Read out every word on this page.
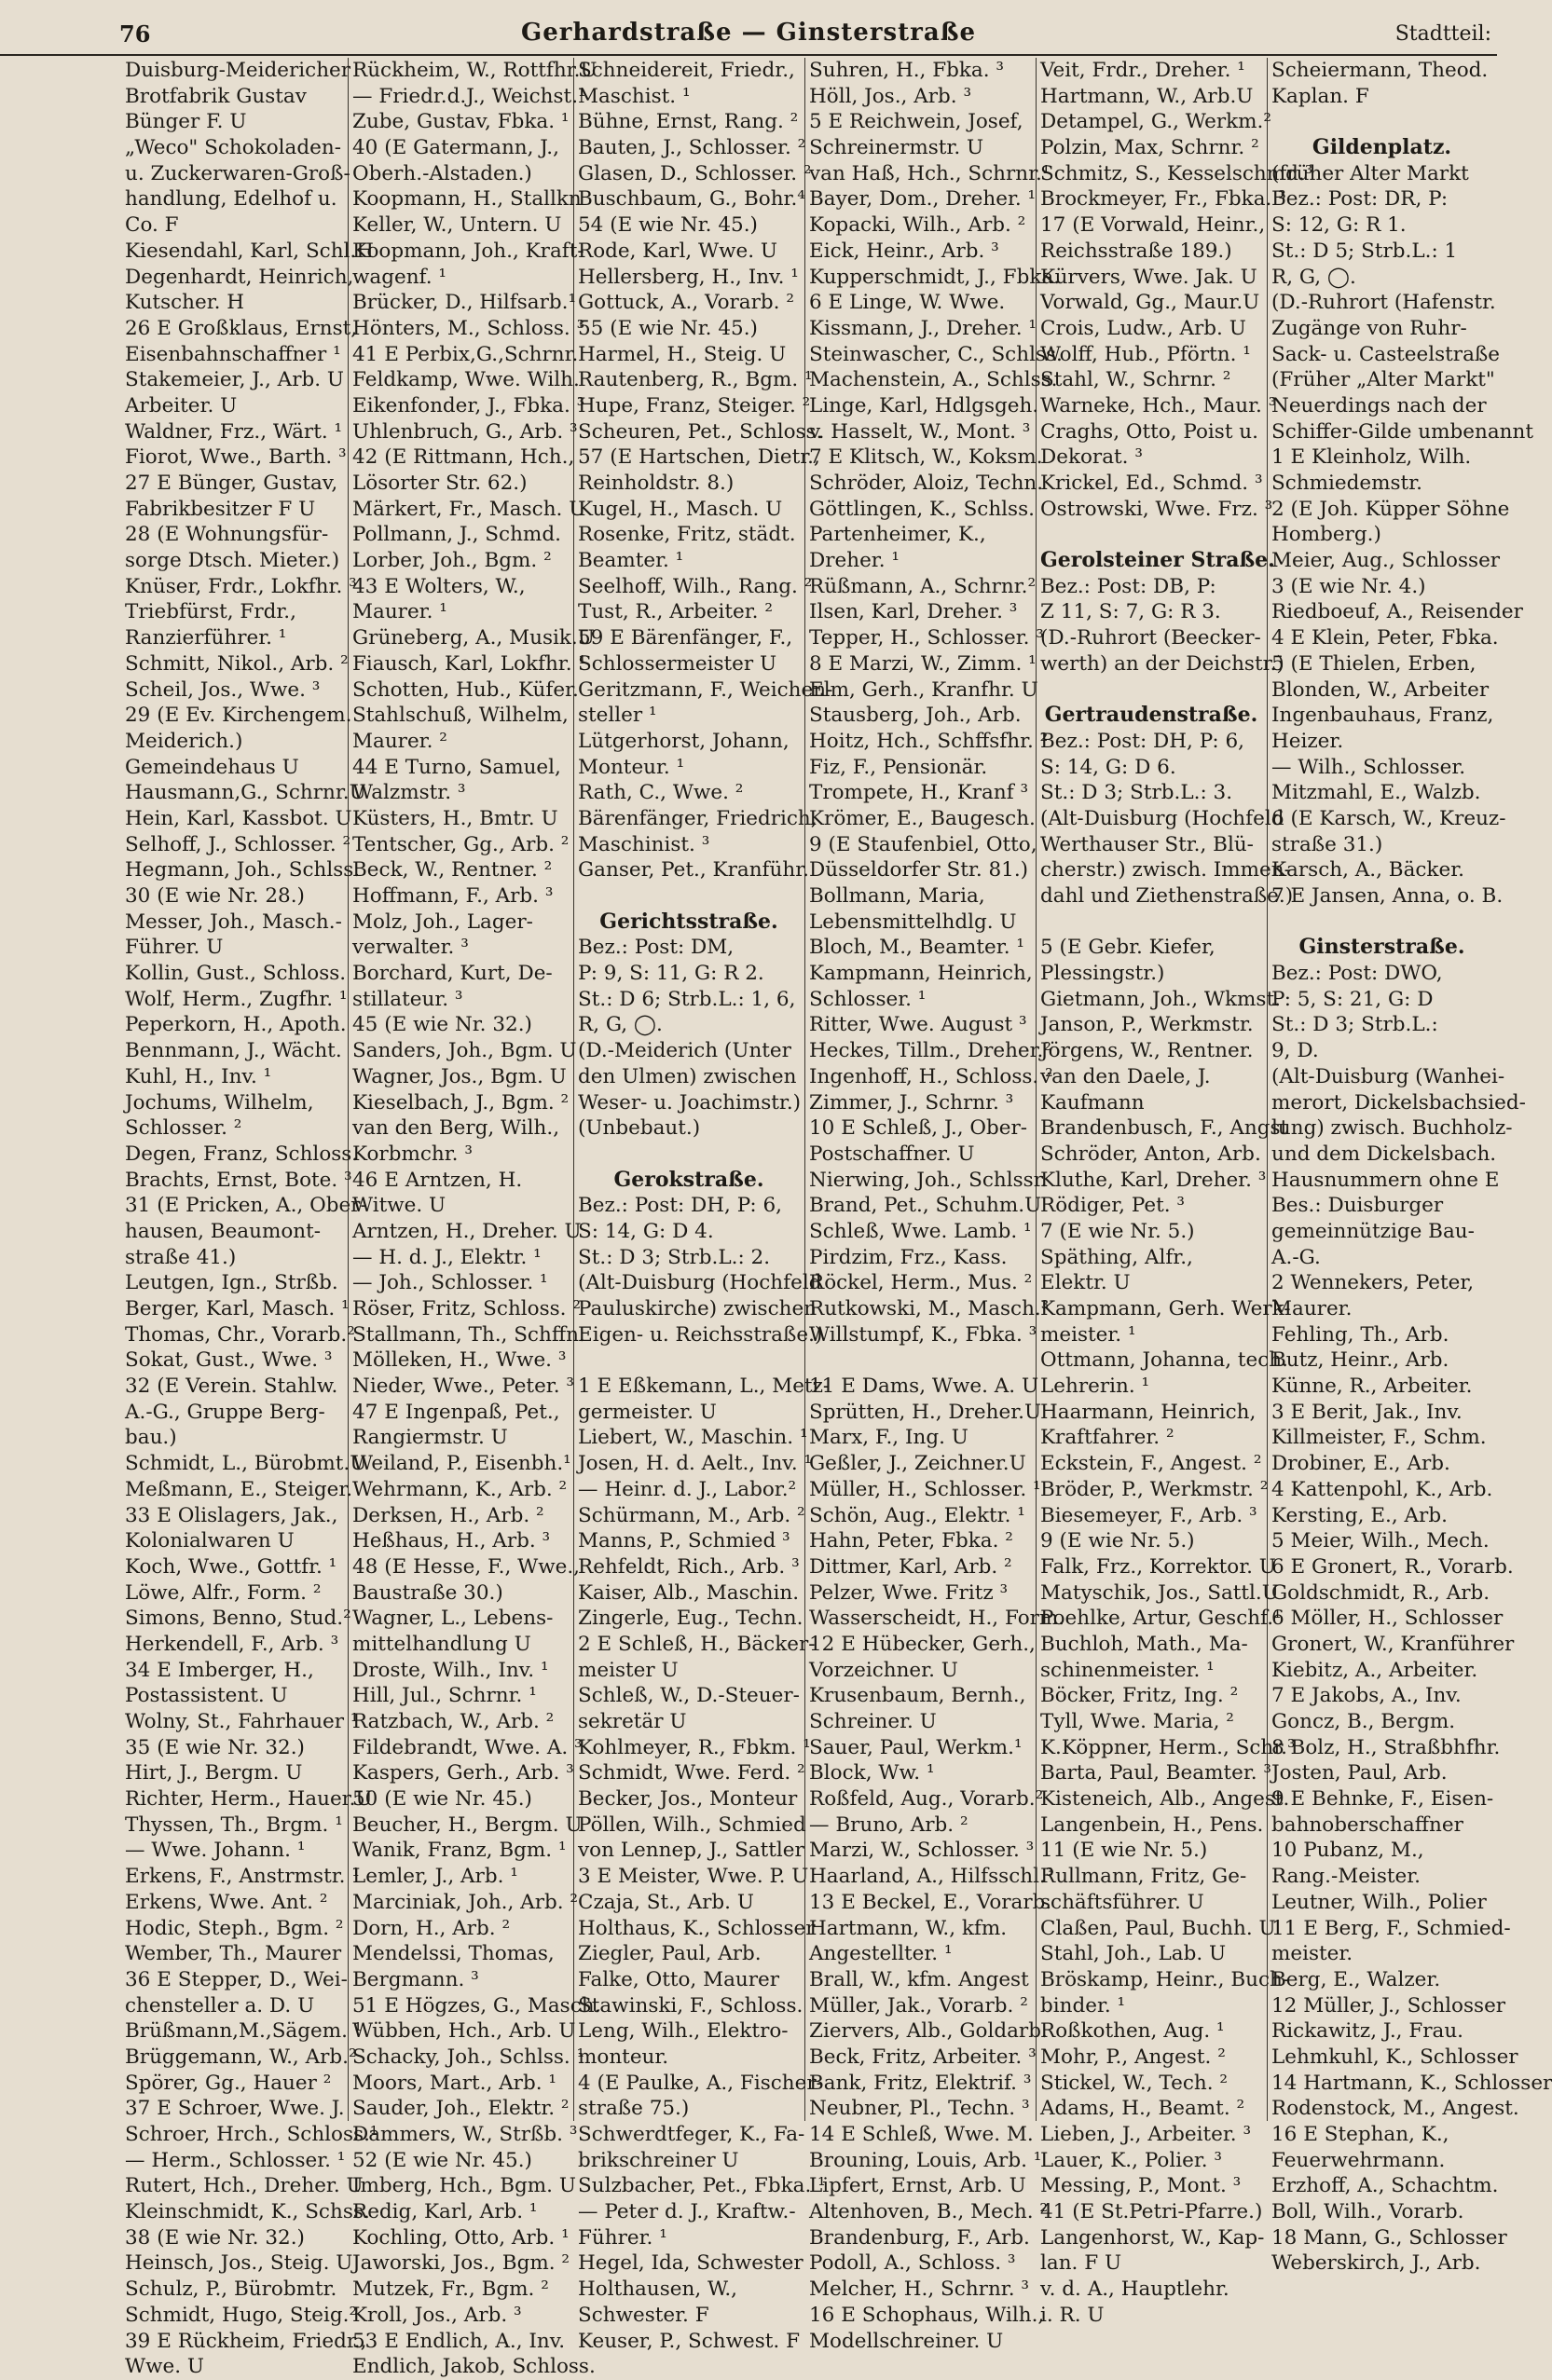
76	Gerhardstraße — Ginsterstraße	Stadtteil:
Duisburg-Meidericher
Brotfabrik Gustav
Bünger F. U
„Weco" Schokoladen-
u. Zuckerwaren-Groß-
handlung, Edelhof u.
Co. F
Kiesendahl, Karl, Schl.H
Degenhardt, Heinrich,
Kutscher. H
26 E Großklaus, Ernst,
Eisenbahnschaffner ¹
Stakemeier, J., Arb. U
Arbeiter. U
Waldner, Frz., Wärt. ¹
Fiorot, Wwe., Barth. ³
27 E Bünger, Gustav,
Fabrikbesitzer F U
28 (E Wohnungsfür-
sorge Dtsch. Mieter.)
Knüser, Frdr., Lokfhr. ³
Triebfürst, Frdr.,
Ranzierführer. ¹
Schmitt, Nikol., Arb. ²
Scheil, Jos., Wwe. ³
29 (E Ev. Kirchengem.
Meiderich.)
Gemeindehaus U
Hausmann,G., Schrnr.U
Hein, Karl, Kassbot. U
Selhoff, J., Schlosser. ²
Hegmann, Joh., Schlss.
30 (E wie Nr. 28.)
Messer, Joh., Masch.-
Führer. U
Kollin, Gust., Schloss.
Wolf, Herm., Zugfhr. ¹
Peperkorn, H., Apoth.
Bennmann, J., Wächt.
Kuhl, H., Inv. ¹
Jochums, Wilhelm,
Schlosser. ²
Degen, Franz, Schloss.
Brachts, Ernst, Bote. ³
31 (E Pricken, A., Ober-
hausen, Beaumont-
straße 41.)
Leutgen, Ign., Strßb.
Berger, Karl, Masch. ¹
Thomas, Chr., Vorarb.²
Sokat, Gust., Wwe. ³
32 (E Verein. Stahlw.
A.-G., Gruppe Berg-
bau.)
Schmidt, L., Bürobmt.U
Meßmann, E., Steiger.
33 E Olislagers, Jak.,
Kolonialwaren U
Koch, Wwe., Gottfr. ¹
Löwe, Alfr., Form. ²
Simons, Benno, Stud.²
Herkendell, F., Arb. ³
34 E Imberger, H.,
Postassistent. U
Wolny, St., Fahrhauer ¹
35 (E wie Nr. 32.)
Hirt, J., Bergm. U
Richter, Herm., Hauer.U
Thyssen, Th., Brgm. ¹
— Wwe. Johann. ¹
Erkens, F., Anstrmstr. ¹
Erkens, Wwe. Ant. ²
Hodic, Steph., Bgm. ²
Wember, Th., Maurer
36 E Stepper, D., Wei-
chensteller a. D. U
Brüßmann,M.,Sägem. ¹
Brüggemann, W., Arb.²
Spörer, Gg., Hauer ²
37 E Schroer, Wwe. J.
Schroer, Hrch., Schloss.¹
— Herm., Schlosser. ¹
Rutert, Hch., Dreher. U
Kleinschmidt, K., Schss.
38 (E wie Nr. 32.)
Heinsch, Jos., Steig. U
Schulz, P., Bürobmtr.
Schmidt, Hugo, Steig.²
39 E Rückheim, Friedr.,
Wwe. U
Rückheim, W., Rottfhr.U
— Friedr.d.J., Weichst.¹
Zube, Gustav, Fbka. ¹
40 (E Gatermann, J.,
Oberh.-Alstaden.)
Koopmann, H., Stallkn
Keller, W., Untern. U
Koopmann, Joh., Kraft-
wagenf. ¹
Brücker, D., Hilfsarb.¹
Hönters, M., Schloss. ³
41 E Perbix,G.,Schrnr.
Feldkamp, Wwe. Wilh.
Eikenfonder, J., Fbka. ³
Uhlenbruch, G., Arb. ³
42 (E Rittmann, Hch.,
Lösorter Str. 62.)
Märkert, Fr., Masch. U
Pollmann, J., Schmd.
Lorber, Joh., Bgm. ²
43 E Wolters, W.,
Maurer. ¹
Grüneberg, A., Musik.U
Fiausch, Karl, Lokfhr. ¹
Schotten, Hub., Küfer.
Stahlschuß, Wilhelm,
Maurer. ²
44 E Turno, Samuel,
Walzmstr. ³
Küsters, H., Bmtr. U
Tentscher, Gg., Arb. ²
Beck, W., Rentner. ²
Hoffmann, F., Arb. ³
Molz, Joh., Lager-
verwalter. ³
Borchard, Kurt, De-
stillateur. ³
45 (E wie Nr. 32.)
Sanders, Joh., Bgm. U
Wagner, Jos., Bgm. U
Kieselbach, J., Bgm. ²
van den Berg, Wilh.,
Korbmchr. ³
46 E Arntzen, H.
Witwe. U
Arntzen, H., Dreher. U
— H. d. J., Elektr. ¹
— Joh., Schlosser. ¹
Röser, Fritz, Schloss. ²
Stallmann, Th., Schffn.
Mölleken, H., Wwe. ³
Nieder, Wwe., Peter. ³
47 E Ingenpaß, Pet.,
Rangiermstr. U
Weiland, P., Eisenbh.¹
Wehrmann, K., Arb. ²
Derksen, H., Arb. ²
Heßhaus, H., Arb. ³
48 (E Hesse, F., Wwe.,
Baustraße 30.)
Wagner, L., Lebens-
mittelhandlung U
Droste, Wilh., Inv. ¹
Hill, Jul., Schrnr. ¹
Ratzbach, W., Arb. ²
Fildebrandt, Wwe. A. ³
Kaspers, Gerh., Arb. ³
50 (E wie Nr. 45.)
Beucher, H., Bergm. U
Wanik, Franz, Bgm. ¹
Lemler, J., Arb. ¹
Marciniak, Joh., Arb. ²
Dorn, H., Arb. ²
Mendelssi, Thomas,
Bergmann. ³
51 E Högzes, G., Masch.
Wübben, Hch., Arb. U
Schacky, Joh., Schlss. ¹
Moors, Mart., Arb. ¹
Sauder, Joh., Elektr. ²
Dammers, W., Strßb. ³
52 (E wie Nr. 45.)
Imberg, Hch., Bgm. U
Redig, Karl, Arb. ¹
Kochling, Otto, Arb. ¹
Jaworski, Jos., Bgm. ²
Mutzek, Fr., Bgm. ²
Kroll, Jos., Arb. ³
53 E Endlich, A., Inv.
Endlich, Jakob, Schloss.
Schneidereit, Friedr.,
Maschist. ¹
Bühne, Ernst, Rang. ²
Bauten, J., Schlosser. ²
Glasen, D., Schlosser. ²
Buschbaum, G., Bohr.⁴
54 (E wie Nr. 45.)
Rode, Karl, Wwe. U
Hellersberg, H., Inv. ¹
Gottuck, A., Vorarb. ²
55 (E wie Nr. 45.)
Harmel, H., Steig. U
Rautenberg, R., Bgm. ¹
Hupe, Franz, Steiger. ²
Scheuren, Pet., Schloss.
57 (E Hartschen, Dietr.,
Reinholdstr. 8.)
Kugel, H., Masch. U
Rosenke, Fritz, städt.
Beamter. ¹
Seelhoff, Wilh., Rang. ²
Tust, R., Arbeiter. ²
59 E Bärenfänger, F.,
Schlossermeister U
Geritzmann, F., Weichen-
steller ¹
Lütgerhorst, Johann,
Monteur. ¹
Rath, C., Wwe. ²
Bärenfänger, Friedrich,
Maschinist. ³
Ganser, Pet., Kranführ.
Gerichtsstraße.
Bez.: Post: DM,
P: 9, S: 11, G: R 2.
St.: D 6; Strb.L.: 1, 6,
R, G, ◯.
(D.-Meiderich (Unter
den Ulmen) zwischen
Weser- u. Joachimstr.)
(Unbebaut.)
Gerokstraße.
Bez.: Post: DH, P: 6,
S: 14, G: D 4.
St.: D 3; Strb.L.: 2.
(Alt-Duisburg (Hochfeld
Pauluskirche) zwischen
Eigen- u. Reichsstraße.)
1 E Eßkemann, L., Metz-
germeister. U
Liebert, W., Maschin. ¹
Josen, H. d. Aelt., Inv. ¹
— Heinr. d. J., Labor.²
Schürmann, M., Arb. ²
Manns, P., Schmied ³
Rehfeldt, Rich., Arb. ³
Kaiser, Alb., Maschin.
Zingerle, Eug., Techn.
2 E Schleß, H., Bäcker-
meister U
Schleß, W., D.-Steuer-
sekretär U
Kohlmeyer, R., Fbkm. ¹
Schmidt, Wwe. Ferd. ²
Becker, Jos., Monteur
Pöllen, Wilh., Schmied
von Lennep, J., Sattler
3 E Meister, Wwe. P. U
Czaja, St., Arb. U
Holthaus, K., Schlosser
Ziegler, Paul, Arb.
Falke, Otto, Maurer
Stawinski, F., Schloss.
Leng, Wilh., Elektro-
monteur.
4 (E Paulke, A., Fischer-
straße 75.)
Schwerdtfeger, K., Fa-
brikschreiner U
Sulzbacher, Pet., Fbka. ¹
— Peter d. J., Kraftw.-
Führer. ¹
Hegel, Ida, Schwester
Holthausen, W.,
Schwester. F
Keuser, P., Schwest. F
Suhren, H., Fbka. ³
Höll, Jos., Arb. ³
5 E Reichwein, Josef,
Schreinermstr. U
van Haß, Hch., Schrnr.¹
Bayer, Dom., Dreher. ¹
Kopacki, Wilh., Arb. ²
Eick, Heinr., Arb. ³
Kupperschmidt, J., Fbka.
6 E Linge, W. Wwe.
Kissmann, J., Dreher. ¹
Steinwascher, C., Schlss.
Machenstein, A., Schlss.
Linge, Karl, Hdlgsgeh.
v. Hasselt, W., Mont. ³
7 E Klitsch, W., Koksm.
Schröder, Aloiz, Techn.
Göttlingen, K., Schlss.
Partenheimer, K.,
Dreher. ¹
Rüßmann, A., Schrnr.²
Ilsen, Karl, Dreher. ³
Tepper, H., Schlosser. ³
8 E Marzi, W., Zimm. ¹
Elm, Gerh., Kranfhr. U
Stausberg, Joh., Arb.
Hoitz, Hch., Schffsfhr. ²
Fiz, F., Pensionär.
Trompete, H., Kranf ³
Krömer, E., Baugesch.
9 (E Staufenbiel, Otto,
Düsseldorfer Str. 81.)
Bollmann, Maria,
Lebensmittelhdlg. U
Bloch, M., Beamter. ¹
Kampmann, Heinrich,
Schlosser. ¹
Ritter, Wwe. August ³
Heckes, Tillm., Dreher.²
Ingenhoff, H., Schloss. ²
Zimmer, J., Schrnr. ³
10 E Schleß, J., Ober-
Postschaffner. U
Nierwing, Joh., Schlssr.
Brand, Pet., Schuhm.U
Schleß, Wwe. Lamb. ¹
Pirdzim, Frz., Kass.
Röckel, Herm., Mus. ²
Rutkowski, M., Masch.³
Willstumpf, K., Fbka. ³
11 E Dams, Wwe. A. U
Sprütten, H., Dreher.U
Marx, F., Ing. U
Geßler, J., Zeichner.U
Müller, H., Schlosser. ¹
Schön, Aug., Elektr. ¹
Hahn, Peter, Fbka. ²
Dittmer, Karl, Arb. ²
Pelzer, Wwe. Fritz ³
Wasserscheidt, H., Form.
12 E Hübecker, Gerh.,
Vorzeichner. U
Krusenbaum, Bernh.,
Schreiner. U
Sauer, Paul, Werkm.¹
Block, Ww. ¹
Roßfeld, Aug., Vorarb.²
— Bruno, Arb. ²
Marzi, W., Schlosser. ³
Haarland, A., Hilfsschl.³
13 E Beckel, E., Vorarb.
Hartmann, W., kfm.
Angestellter. ¹
Brall, W., kfm. Angest
Müller, Jak., Vorarb. ²
Ziervers, Alb., Goldarb.
Beck, Fritz, Arbeiter. ³
Bank, Fritz, Elektrif. ³
Neubner, Pl., Techn. ³
14 E Schleß, Wwe. M.
Brouning, Louis, Arb. ¹
Lipfert, Ernst, Arb. U
Altenhoven, B., Mech. ²
Brandenburg, F., Arb.
Podoll, A., Schloss. ³
Melcher, H., Schrnr. ³
16 E Schophaus, Wilh.,
Modellschreiner. U
Veit, Frdr., Dreher. ¹
Hartmann, W., Arb.U
Detampel, G., Werkm.²
Polzin, Max, Schrnr. ²
Schmitz, S., Kesselschmd.³
Brockmeyer, Fr., Fbka. ³
17 (E Vorwald, Heinr.,
Reichsstraße 189.)
Kürvers, Wwe. Jak. U
Vorwald, Gg., Maur.U
Crois, Ludw., Arb. U
Wolff, Hub., Pförtn. ¹
Stahl, W., Schrnr. ²
Warneke, Hch., Maur. ³
Craghs, Otto, Poist u.
Dekorat. ³
Krickel, Ed., Schmd. ³
Ostrowski, Wwe. Frz. ³
Gerolsteiner Straße.
Bez.: Post: DB, P:
Z 11, S: 7, G: R 3.
(D.-Ruhrort (Beecker-
werth) an der Deichstr.)
Gertraudenstraße.
Bez.: Post: DH, P: 6,
S: 14, G: D 6.
St.: D 3; Strb.L.: 3.
(Alt-Duisburg (Hochfeld
Werthauser Str., Blü-
cherstr.) zwisch. Immen-
dahl und Ziethenstraße.)
5 (E Gebr. Kiefer,
Plessingstr.)
Gietmann, Joh., Wkmst.
Janson, P., Werkmstr.
Jörgens, W., Rentner.
van den Daele, J.
Kaufmann
Brandenbusch, F., Angst
Schröder, Anton, Arb.
Kluthe, Karl, Dreher. ³
Rödiger, Pet. ³
7 (E wie Nr. 5.)
Späthing, Alfr.,
Elektr. U
Kampmann, Gerh. Werk-
meister. ¹
Ottmann, Johanna, tech.
Lehrerin. ¹
Haarmann, Heinrich,
Kraftfahrer. ²
Eckstein, F., Angest. ²
Bröder, P., Werkmstr. ²
Biesemeyer, F., Arb. ³
9 (E wie Nr. 5.)
Falk, Frz., Korrektor. U
Matyschik, Jos., Sattl.U
Poehlke, Artur, Geschf.¹
Buchloh, Math., Ma-
schinenmeister. ¹
Böcker, Fritz, Ing. ²
Tyll, Wwe. Maria, ²
K.Köppner, Herm., Schr.³
Barta, Paul, Beamter. ³
Kisteneich, Alb., Angest.
Langenbein, H., Pens.
11 (E wie Nr. 5.)
Rullmann, Fritz, Ge-
schäftsführer. U
Claßen, Paul, Buchh. U
Stahl, Joh., Lab. U
Bröskamp, Heinr., Buch-
binder. ¹
Roßkothen, Aug. ¹
Mohr, P., Angest. ²
Stickel, W., Tech. ²
Adams, H., Beamt. ²
Lieben, J., Arbeiter. ³
Lauer, K., Polier. ³
Messing, P., Mont. ³
41 (E St.Petri-Pfarre.)
Langenhorst, W., Kap-
lan. F U
v. d. A., Hauptlehr.
i. R. U
Scheiermann, Theod.
Kaplan. F
Gildenplatz.
(früher Alter Markt
Bez.: Post: DR, P:
S: 12, G: R 1.
St.: D 5; Strb.L.: 1
R, G, ◯.
(D.-Ruhrort (Hafenstr.
Zugänge von Ruhr-
Sack- u. Casteelstraße
(Früher „Alter Markt"
Neuerdings nach der
Schiffer-Gilde umbenannt
1 E Kleinholz, Wilh.
Schmiedemstr.
2 (E Joh. Küpper Söhne
Homberg.)
Meier, Aug., Schlosser
3 (E wie Nr. 4.)
Riedboeuf, A., Reisender
4 E Klein, Peter, Fbka.
5 (E Thielen, Erben,
Blonden, W., Arbeiter
Ingenbauhaus, Franz,
Heizer.
— Wilh., Schlosser.
Mitzmahl, E., Walzb.
6 (E Karsch, W., Kreuz-
straße 31.)
Karsch, A., Bäcker.
7 E Jansen, Anna, o. B.
Ginsterstraße.
Bez.: Post: DWO,
P: 5, S: 21, G: D
St.: D 3; Strb.L.:
9, D.
(Alt-Duisburg (Wanhei-
merort, Dickelsbachsied-
lung) zwisch. Buchholz-
und dem Dickelsbach.
Hausnummern ohne E
Bes.: Duisburger
gemeinnützige Bau-
A.-G.
2 Wennekers, Peter,
Maurer.
Fehling, Th., Arb.
Butz, Heinr., Arb.
Künne, R., Arbeiter.
3 E Berit, Jak., Inv.
Killmeister, F., Schm.
Drobiner, E., Arb.
4 Kattenpohl, K., Arb.
Kersting, E., Arb.
5 Meier, Wilh., Mech.
6 E Gronert, R., Vorarb.
Goldschmidt, R., Arb.
6 Möller, H., Schlosser
Gronert, W., Kranführer
Kiebitz, A., Arbeiter.
7 E Jakobs, A., Inv.
Goncz, B., Bergm.
8 Bolz, H., Straßbhfhr.
Josten, Paul, Arb.
9 E Behnke, F., Eisen-
bahnoberschaffner
10 Pubanz, M.,
Rang.-Meister.
Leutner, Wilh., Polier
11 E Berg, F., Schmied-
meister.
Berg, E., Walzer.
12 Müller, J., Schlosser
Rickawitz, J., Frau.
Lehmkuhl, K., Schlosser
14 Hartmann, K., Schlosser
Rodenstock, M., Angest.
16 E Stephan, K.,
Feuerwehrmann.
Erzhoff, A., Schachtm.
Boll, Wilh., Vorarb.
18 Mann, G., Schlosser
Weberskirch, J., Arb.
